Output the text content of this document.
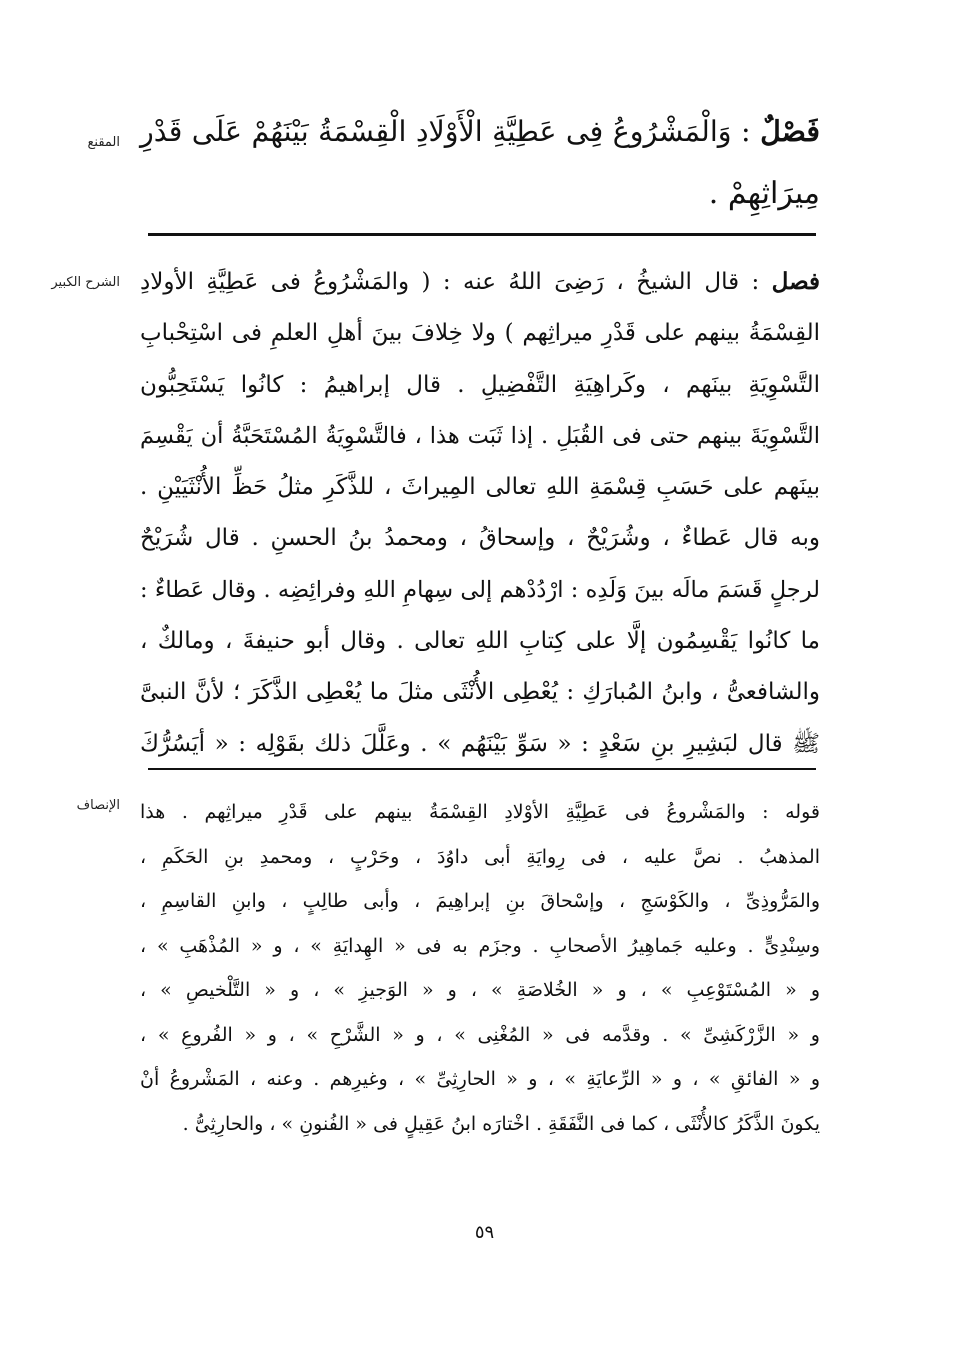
المقنع	فَصْلٌ : وَالْمَشْرُوعُ فِى عَطِيَّةِ الْأَوْلَادِ الْقِسْمَةُ بَيْنَهُمْ عَلَى قَدْرِ
مِيرَاثِهِمْ .
الشرح الكبير	فصل : قال الشيخُ ، رَضِىَ اللهُ عنه : ( والمَشْرُوعُ فى عَطِيَّةِ الأولادِ
القِسْمَةُ بينهم على قَدْرِ ميراثِهم ) ولا خِلافَ بينَ أهلِ العلمِ فى اسْتِحْبابِ
التَّسْوِيَةِ بينَهم ، وكَراهِيَةِ التَّفْضِيلِ . قال إبراهيمُ : كانُوا يَسْتَحِبُّون
التَّسْوِيَةَ بينهم حتى فى القُبَلِ . إذا ثَبَت هذا ، فالتَّسْوِيَةُ المُسْتَحَبَّةُ أن يَقْسِمَ
بينَهم على حَسَبِ قِسْمَةِ اللهِ تعالى المِيراثَ ، للذَّكَرِ مثلُ حَظِّ الأُنْثَيَيْنِ .
وبه قال عَطاءٌ ، وشُرَيْحٌ ، وإسحاقُ ، ومحمدُ بنُ الحسنِ . قال شُرَيْحٌ
لرجلٍ قَسَمَ مالَه بينَ وَلَدِه : ارْدُدْهم إلى سِهامِ اللهِ وفرائِضِه . وقال عَطاءٌ :
ما كانُوا يَقْسِمُون إلَّا على كِتابِ اللهِ تعالى . وقال أبو حنيفةَ ، ومالكٌ ،
والشافعىُّ ، وابنُ المُبارَكِ : يُعْطِى الأُنْثَى مثلَ ما يُعْطِى الذَّكَرَ ؛ لأنَّ النبىَّ
ﷺ قال لبَشِيرِ بنِ سَعْدٍ : « سَوِّ بَيْنَهُم » . وعَلَّلَ ذلك بقَوْلِه : « أيَسُرُّكَ
الإنصاف قوله : والمَشْروعُ فى عَطِيَّةِ الأوْلادِ القِسْمَةُ بينهم على قَدْرِ ميراثِهم . هذا
المذهبُ . نصَّ عليه ، فى رِوايَةِ أبى داوُدَ ، وحَرْبٍ ، ومحمدِ بنِ الحَكَمِ ،
والمَرُّوذِىِّ ، والكَوْسَجِ ، وإسْحاقَ بنِ إبراهِيمَ ، وأبى طالِبٍ ، وابنِ القاسِمِ ،
وسِنْدِىٍّ . وعليه جَماهِيرُ الأصحابِ . وجزَم به فى « الهِدايَةِ » ، و « المُذْهَبِ » ،
و « المُسْتَوْعِبِ » ، و « الخُلاصَةِ » ، و « الوَجيزِ » ، و « التَّلْخيصِ » ،
و « الزَّرْكَشِىِّ » . وقدَّمه فى « المُغْنِى » ، و « الشَّرْحِ » ، و « الفُروعِ » ،
و « الفائقِ » ، و « الرِّعايَةِ » ، و « الحارِثِىِّ » ، وغيرِهم . وعنه ، المَشْروعُ أنْ
يكونَ الذَّكَرُ كالأُنْثَى ، كما فى النَّفَقَةِ . اخْتارَه ابنُ عَقِيلٍ فى « الفُنونِ » ، والحارِثِىُّ .
٥٩
